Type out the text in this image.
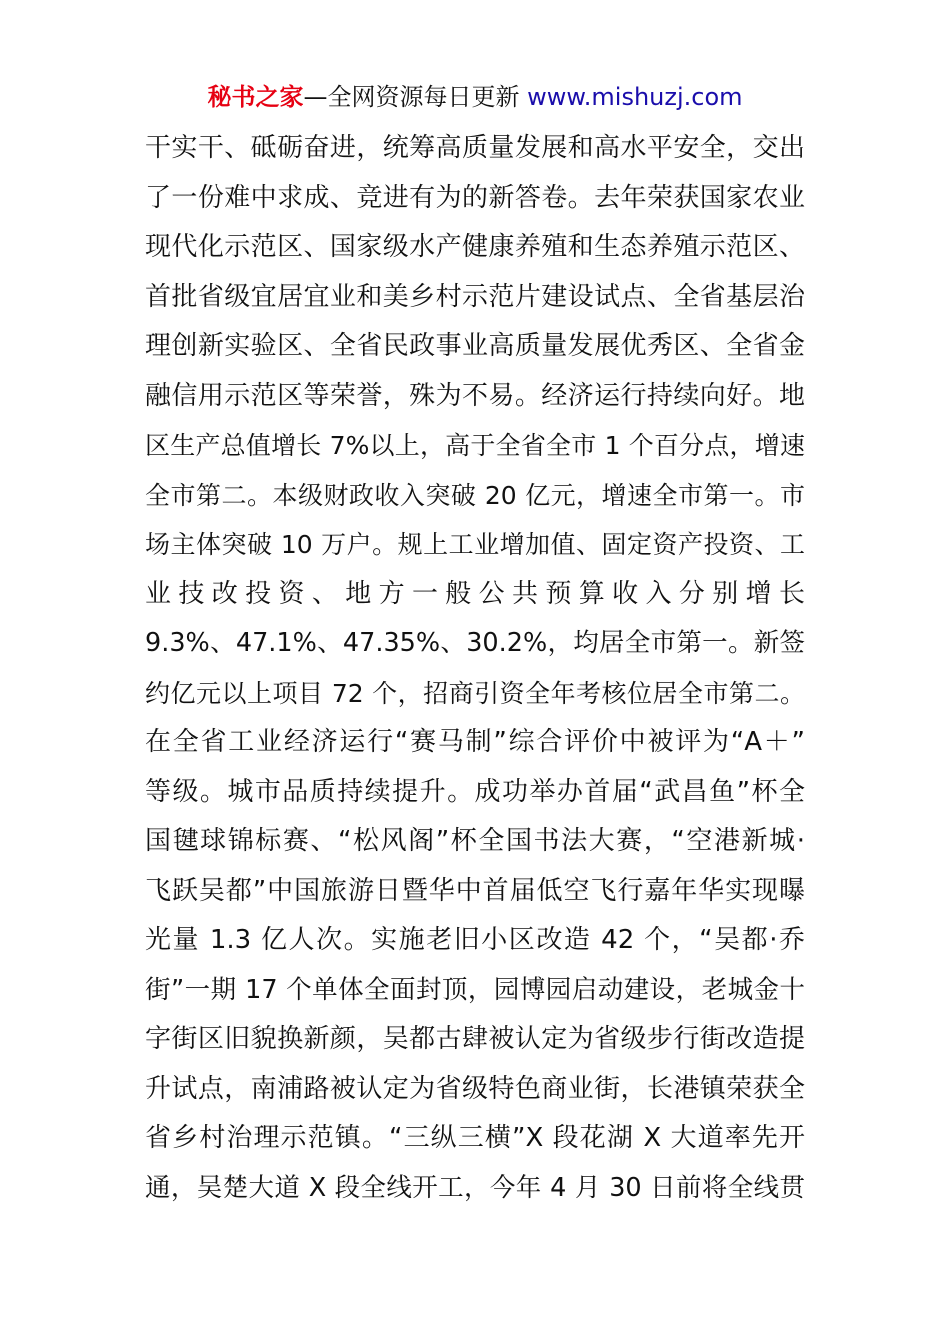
秘书之家—全网资源每日更新 www.mishuzj.com
干实干、砥砺奋进，统筹高质量发展和高水平安全，交出
了一份难中求成、竞进有为的新答卷。去年荣获国家农业
现代化示范区、国家级水产健康养殖和生态养殖示范区、
首批省级宜居宜业和美乡村示范片建设试点、全省基层治
理创新实验区、全省民政事业高质量发展优秀区、全省金
融信用示范区等荣誉，殊为不易。经济运行持续向好。地
区生产总值增长 7%以上，高于全省全市 1 个百分点，增速
全市第二。本级财政收入突破 20 亿元，增速全市第一。市
场主体突破 10 万户。规上工业增加值、固定资产投资、工
业技改投资、地方一般公共预算收入分别增长
9.3%、47.1%、47.35%、30.2%，均居全市第一。新签
约亿元以上项目 72 个，招商引资全年考核位居全市第二。
在全省工业经济运行“赛马制”综合评价中被评为“A＋”
等级。城市品质持续提升。成功举办首届“武昌鱼”杯全
国毽球锦标赛、“松风阁”杯全国书法大赛，“空港新城·
飞跃吴都”中国旅游日暨华中首届低空飞行嘉年华实现曝
光量 1.3 亿人次。实施老旧小区改造 42 个，“吴都·乔
街”一期 17 个单体全面封顶，园博园启动建设，老城金十
字街区旧貌换新颜，吴都古肆被认定为省级步行街改造提
升试点，南浦路被认定为省级特色商业街，长港镇荣获全
省乡村治理示范镇。“三纵三横”X 段花湖 X 大道率先开
通，吴楚大道 X 段全线开工，今年 4 月 30 日前将全线贯
